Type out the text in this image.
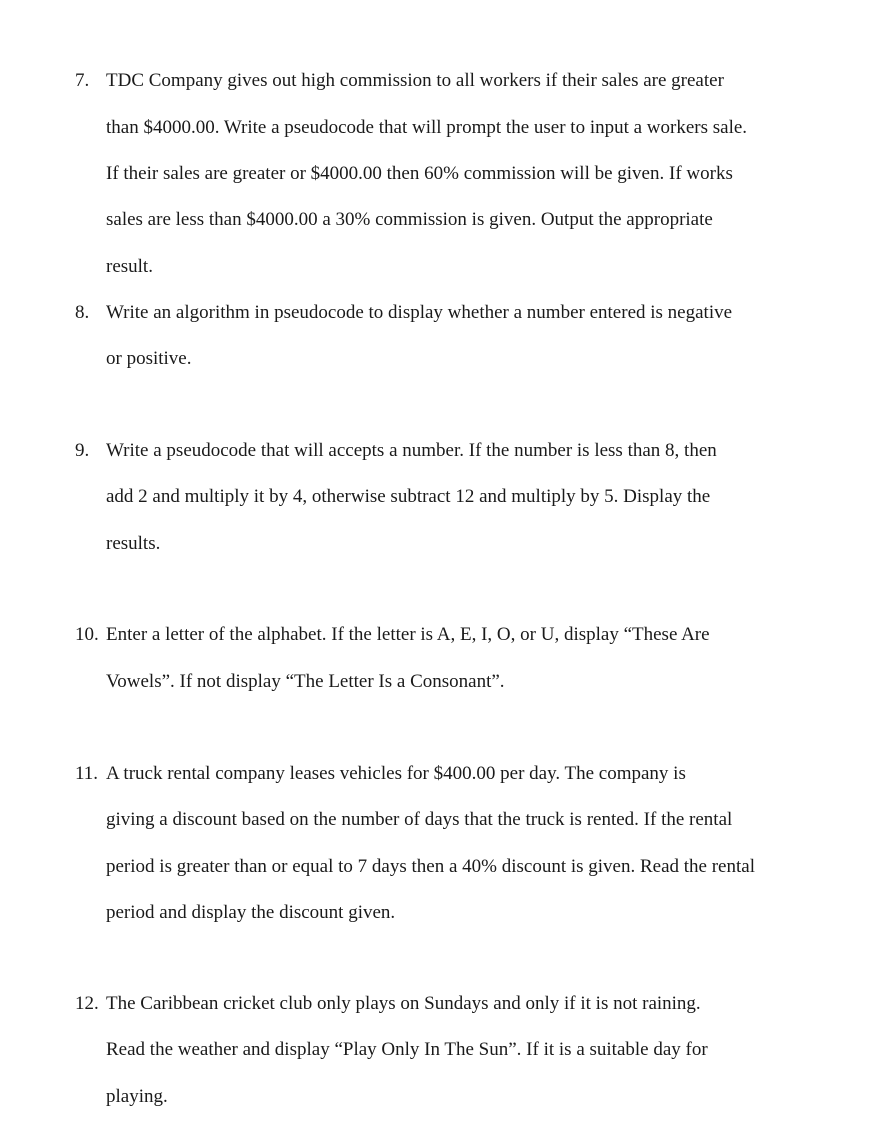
7. TDC Company gives out high commission to all workers if their sales are greater
than $4000.00. Write a pseudocode that will prompt the user to input a workers sale.
If their sales are greater or $4000.00 then 60% commission will be given. If works
sales are less than $4000.00 a 30% commission is given. Output the appropriate
result.
8. Write an algorithm in pseudocode to display whether a number entered is negative
or positive.
9. Write a pseudocode that will accepts a number. If the number is less than 8, then
add 2 and multiply it by 4, otherwise subtract 12 and multiply by 5. Display the
results.
10. Enter a letter of the alphabet. If the letter is A, E, I, O, or U, display “These Are
Vowels”. If not display “The Letter Is a Consonant”.
11. A truck rental company leases vehicles for $400.00 per day. The company is
giving a discount based on the number of days that the truck is rented. If the rental
period is greater than or equal to 7 days then a 40% discount is given. Read the rental
period and display the discount given.
12. The Caribbean cricket club only plays on Sundays and only if it is not raining.
Read the weather and display “Play Only In The Sun”. If it is a suitable day for
playing.
